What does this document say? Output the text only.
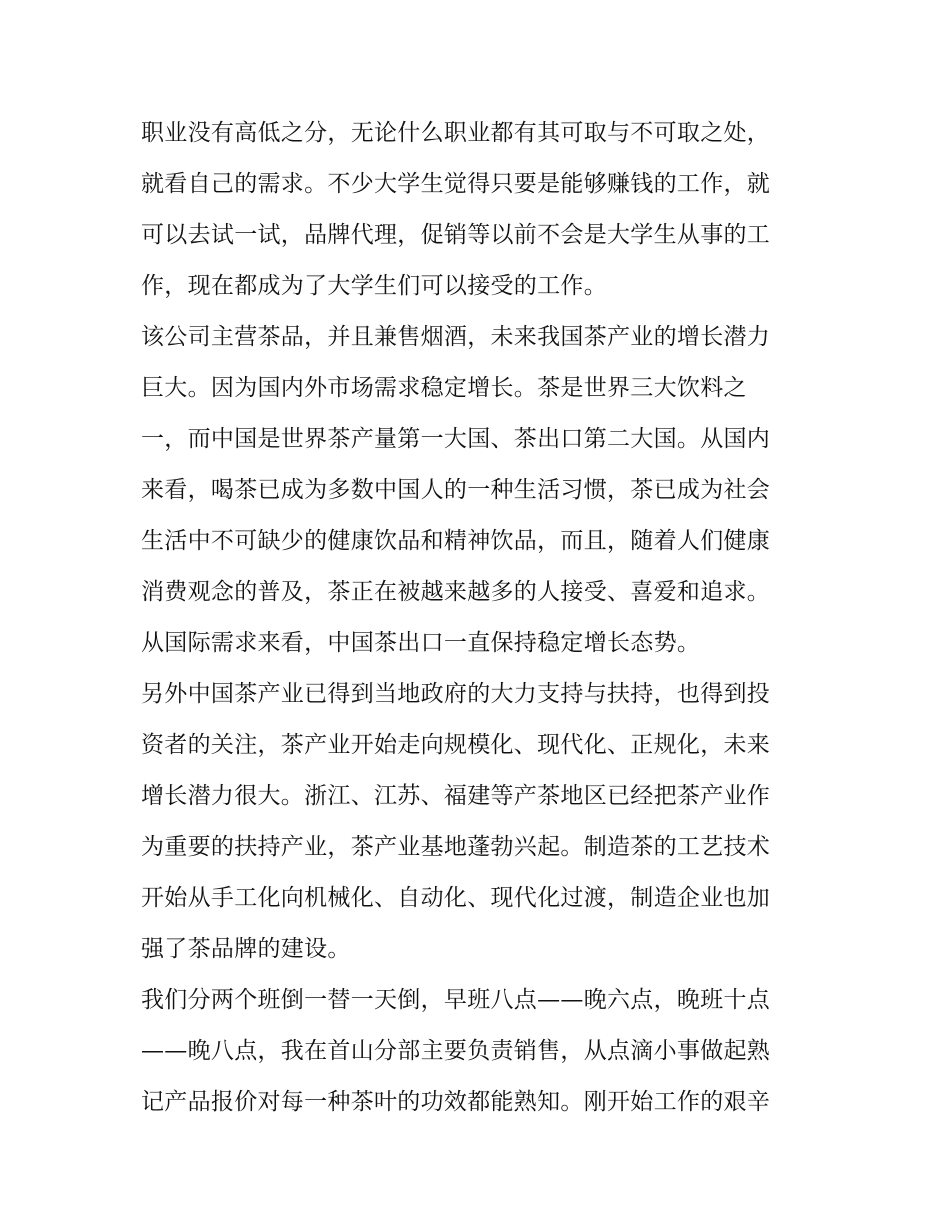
职业没有高低之分，无论什么职业都有其可取与不可取之处，
就看自己的需求。不少大学生觉得只要是能够赚钱的工作，就
可以去试一试，品牌代理，促销等以前不会是大学生从事的工
作，现在都成为了大学生们可以接受的工作。
该公司主营茶品，并且兼售烟酒，未来我国茶产业的增长潜力
巨大。因为国内外市场需求稳定增长。茶是世界三大饮料之
一，而中国是世界茶产量第一大国、茶出口第二大国。从国内
来看，喝茶已成为多数中国人的一种生活习惯，茶已成为社会
生活中不可缺少的健康饮品和精神饮品，而且，随着人们健康
消费观念的普及，茶正在被越来越多的人接受、喜爱和追求。
从国际需求来看，中国茶出口一直保持稳定增长态势。
另外中国茶产业已得到当地政府的大力支持与扶持，也得到投
资者的关注，茶产业开始走向规模化、现代化、正规化，未来
增长潜力很大。浙江、江苏、福建等产茶地区已经把茶产业作
为重要的扶持产业，茶产业基地蓬勃兴起。制造茶的工艺技术
开始从手工化向机械化、自动化、现代化过渡，制造企业也加
强了茶品牌的建设。
我们分两个班倒一替一天倒，早班八点——晚六点，晚班十点
——晚八点，我在首山分部主要负责销售，从点滴小事做起熟
记产品报价对每一种茶叶的功效都能熟知。刚开始工作的艰辛
